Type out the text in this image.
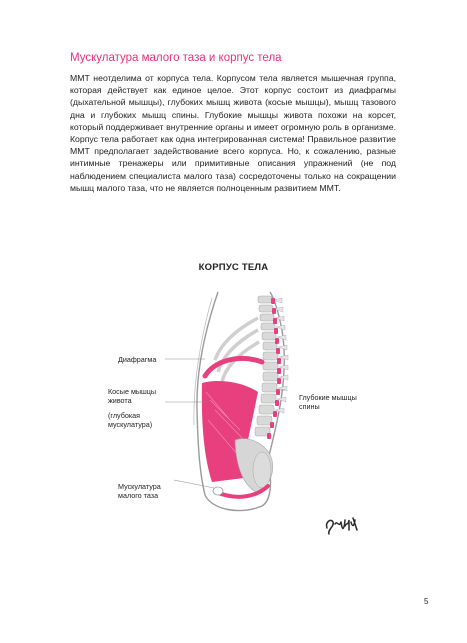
Мускулатура малого таза и корпус тела

ММТ неотделима от корпуса тела. Корпусом тела является мышечная группа, которая действует как единое целое. Этот корпус состоит из диафрагмы (дыхательной мышцы), глубоких мышц живота (косые мышцы), мышц тазового дна и глубоких мышц спины. Глубокие мышцы живота похожи на корсет, который поддерживает внутренние органы и имеет огромную роль в организме. Корпус тела работает как одна интегрированная система! Правильное развитие ММТ предполагает задействование всего корпуса. Но, к сожалению, разные интимные тренажеры или примитивные описания упражнений (не под наблюдением специалиста малого таза) сосредоточены только на сокращении мышц малого таза, что не является полноценным развитием ММТ.

КОРПУС ТЕЛА
Диафрагма
Косые мышцы
живота
(глубокая
мускулатура)
Глубокие мышцы
спины
Мускулатура
малого таза
5
